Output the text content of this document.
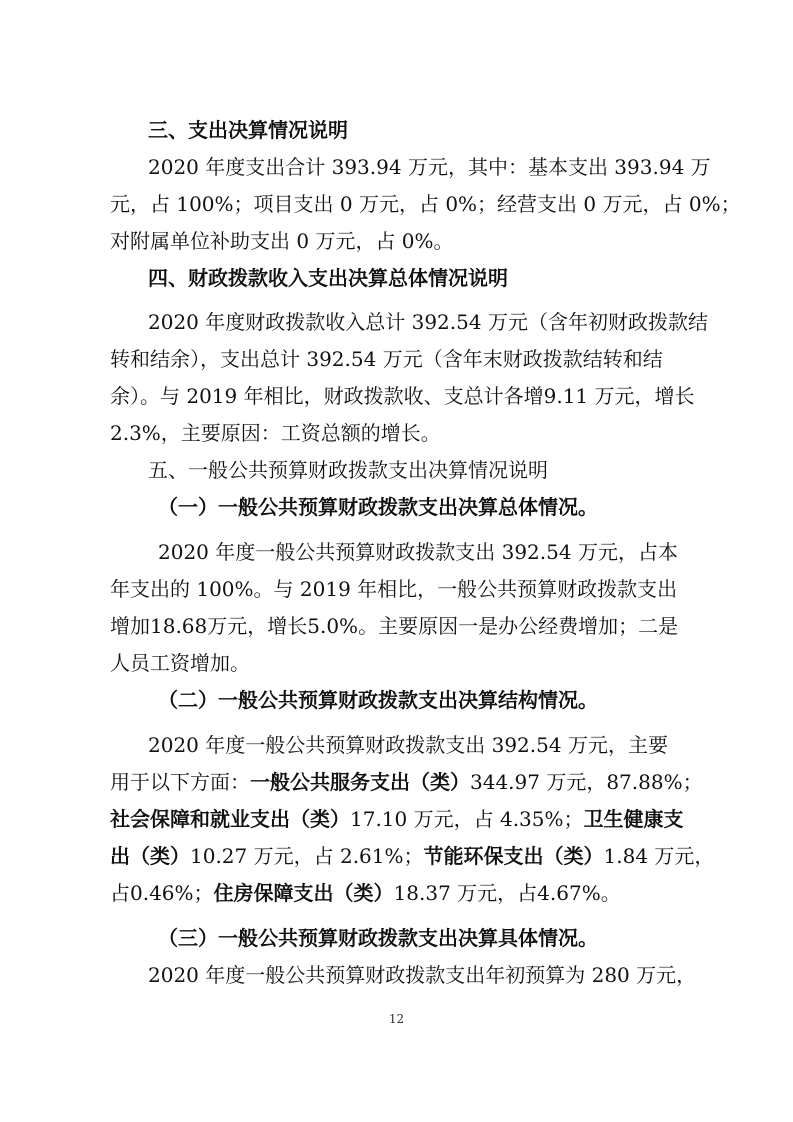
三、支出决算情况说明
2020 年度支出合计 393.94 万元，其中：基本支出 393.94 万
元，占 100%；项目支出 0 万元，占 0%；经营支出 0 万元，占 0%；
对附属单位补助支出 0 万元，占 0%。
四、财政拨款收入支出决算总体情况说明
2020 年度财政拨款收入总计 392.54 万元（含年初财政拨款结
转和结余），支出总计 392.54 万元（含年末财政拨款结转和结
余）。与 2019 年相比，财政拨款收、支总计各增9.11 万元，增长
2.3%，主要原因：工资总额的增长。
五、一般公共预算财政拨款支出决算情况说明
（一）一般公共预算财政拨款支出决算总体情况。
2020 年度一般公共预算财政拨款支出 392.54 万元，占本
年支出的 100%。与 2019 年相比，一般公共预算财政拨款支出
增加18.68万元，增长5.0%。主要原因一是办公经费增加；二是
人员工资增加。
（二）一般公共预算财政拨款支出决算结构情况。
2020 年度一般公共预算财政拨款支出 392.54 万元，主要
用于以下方面：一般公共服务支出（类）344.97 万元，87.88%；
社会保障和就业支出（类）17.10 万元，占 4.35%；卫生健康支
出（类）10.27 万元，占 2.61%；节能环保支出（类）1.84 万元，
占0.46%；住房保障支出（类）18.37 万元，占4.67%。
（三）一般公共预算财政拨款支出决算具体情况。
2020 年度一般公共预算财政拨款支出年初预算为 280 万元，
12
